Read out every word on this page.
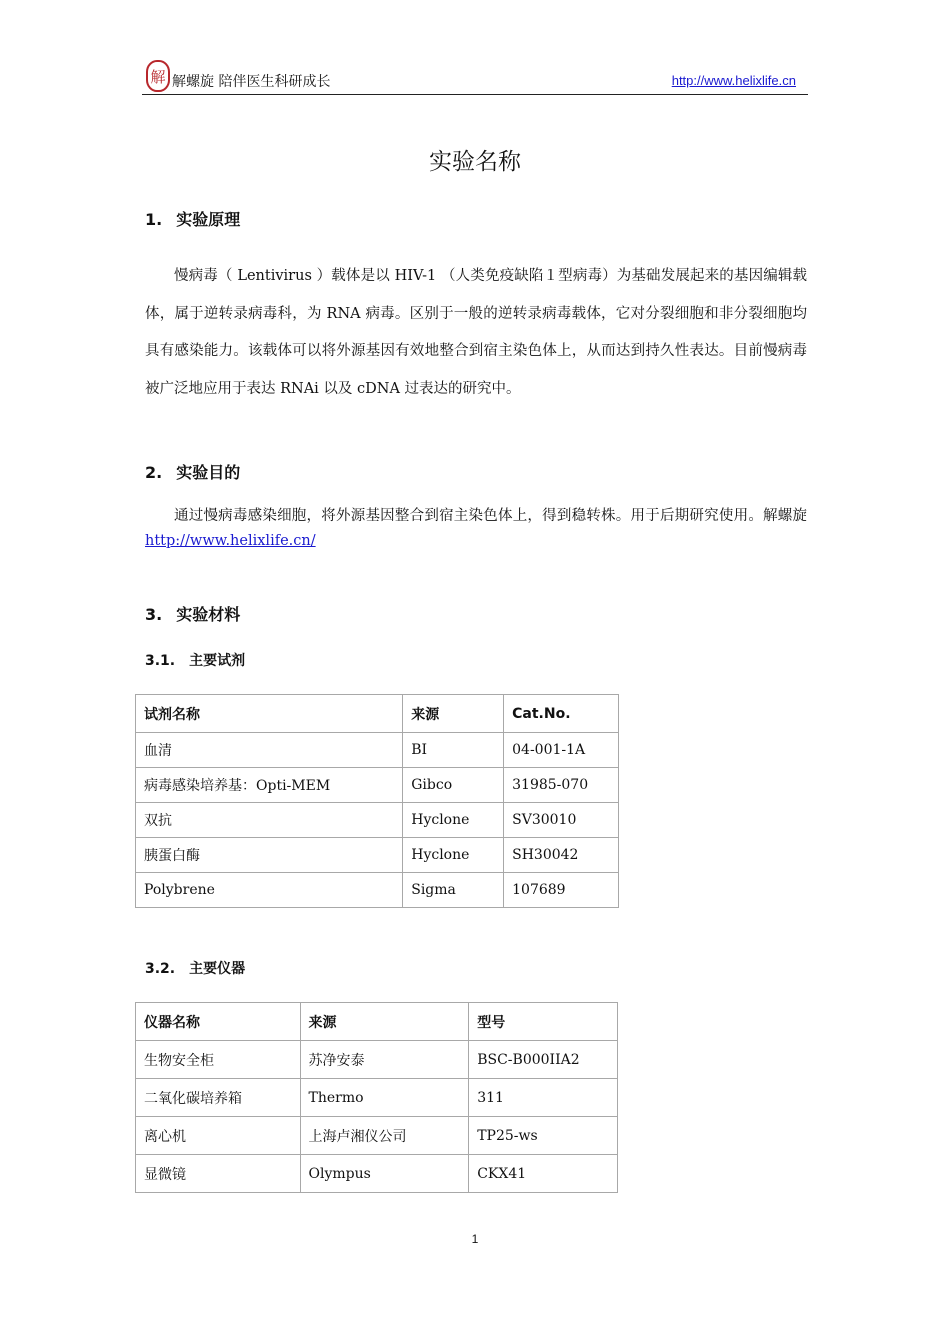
解 解螺旋 陪伴医生科研成长	http://www.helixlife.cn
实验名称
1. 实验原理

慢病毒（ Lentivirus ）载体是以 HIV-1 （人类免疫缺陷１型病毒）为基础发展起来的基因编辑载体，属于逆转录病毒科，为 RNA 病毒。区别于一般的逆转录病毒载体，它对分裂细胞和非分裂细胞均具有感染能力。该载体可以将外源基因有效地整合到宿主染色体上，从而达到持久性表达。目前慢病毒被广泛地应用于表达 RNAi 以及 cDNA 过表达的研究中。

2. 实验目的

通过慢病毒感染细胞，将外源基因整合到宿主染色体上，得到稳转株。用于后期研究使用。解螺旋 http://www.helixlife.cn/

3. 实验材料
3.1. 主要试剂
试剂名称	来源	Cat.No.
血清	BI	04-001-1A
病毒感染培养基：Opti-MEM	Gibco	31985-070
双抗	Hyclone	SV30010
胰蛋白酶	Hyclone	SH30042
Polybrene	Sigma	107689
3.2. 主要仪器
仪器名称	来源	型号
生物安全柜	苏净安泰	BSC-B000IIA2
二氧化碳培养箱	Thermo	311
离心机	上海卢湘仪公司	TP25-ws
显微镜	Olympus	CKX41
1
